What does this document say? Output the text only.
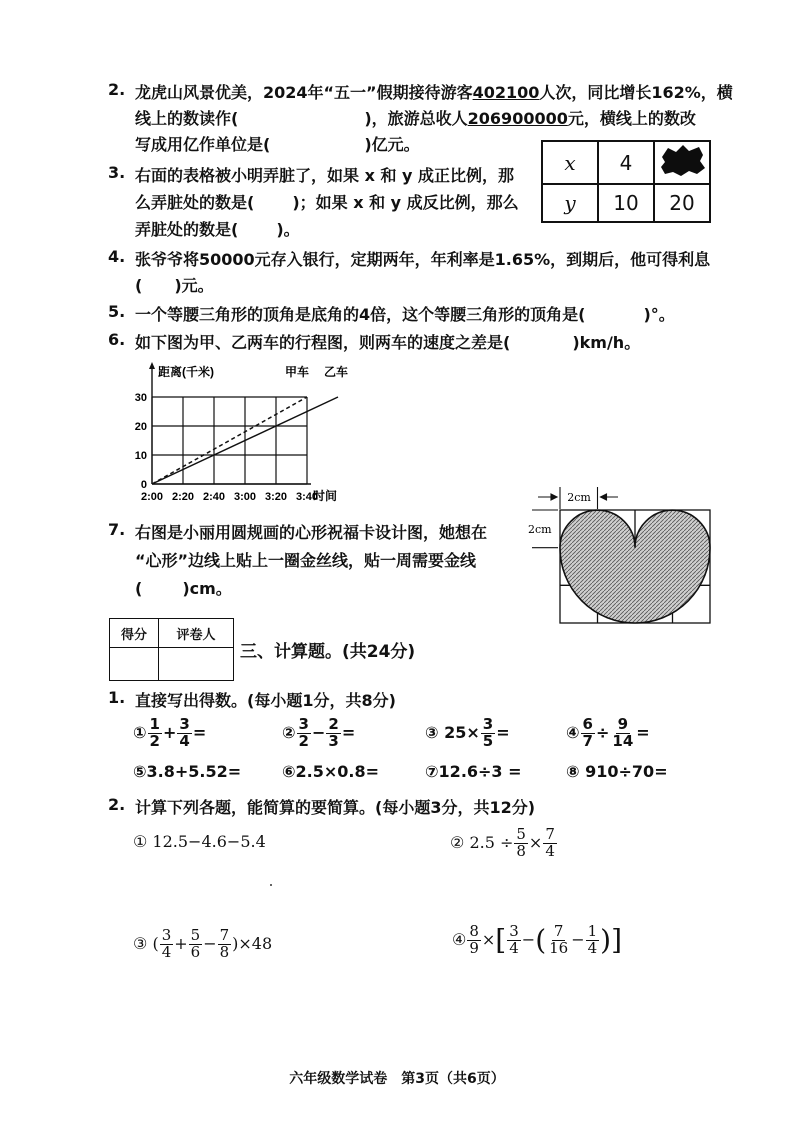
2. 龙虎山风景优美，2024年“五一”假期接待游客402100人次，同比增长162%，横
线上的数读作(	)，旅游总收人206900000元，横线上的数改
写成用亿作单位是(	)亿元。
3. 右面的表格被小明弄脏了，如果 x 和 y 成正比例，那
么弄脏处的数是( )；如果 x 和 y 成反比例，那么
弄脏处的数是( )。
x	4	
y	10	20
4. 张爷爷将50000元存入银行，定期两年，年利率是1.65%，到期后，他可得利息
( )元。
5. 一个等腰三角形的顶角是底角的4倍，这个等腰三角形的顶角是(	)°。
6. 如下图为甲、乙两车的行程图，则两车的速度之差是(	)km/h。
2:00 2:20 2:40 3:00 3:20 3:40
0
10
20
30
时间
距离(千米)	甲车 乙车
2cm
2cm
7. 右图是小丽用圆规画的心形祝福卡设计图，她想在
“心形”边线上贴上一圈金丝线，贴一周需要金线
(	)cm。
得分	评卷人

三、计算题。(共24分)
1. 直接写出得数。(每小题1分，共8分)
① $\frac{1}{2} + \frac{3}{4}$ =	② $\frac{3}{2} - \frac{2}{3}$ =	③ $25\times \frac{3}{5}$ =	④ $\frac{6}{7} \div \frac{9}{14}$ =
⑤3.8+5.52=	⑥2.5×0.8=	⑦12.6÷3 =	⑧ 910÷70=
2. 计算下列各题，能简算的要简算。(每小题3分，共12分)
① 12.5−4.6−5.4	② $2.5 \div \frac{5}{8} \times \frac{7}{4}$
③ ( $\frac{3}{4} + \frac{5}{6} - \frac{7}{8} )\times 48$	④ $\frac{8}{9}$ ×[ $\frac{3}{4}$ −( $\frac{7}{16} - \frac{1}{4}$ )]
六年级数学试卷　第3页（共6页）
